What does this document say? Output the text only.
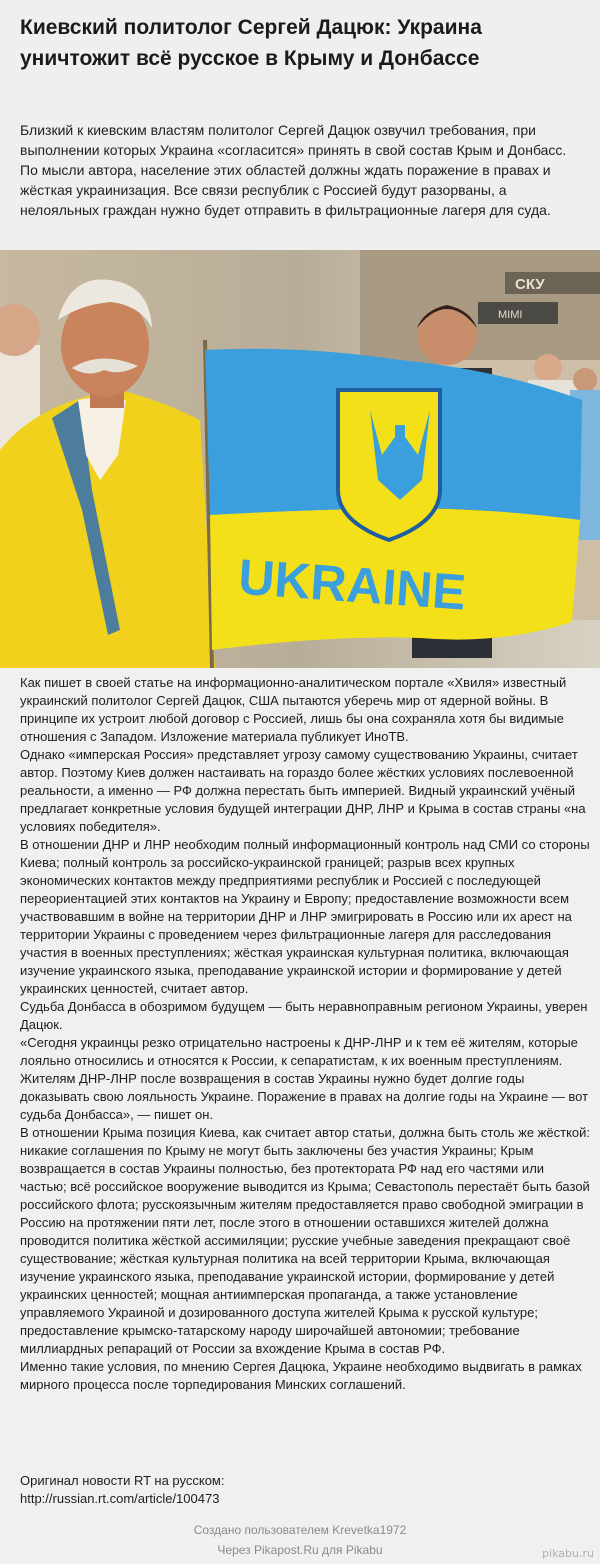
Киевский политолог Сергей Дацюк: Украина уничтожит всё русское в Крыму и Донбассе

Близкий к киевским властям политолог Сергей Дацюк озвучил требования, при выполнении которых Украина «согласится» принять в свой состав Крым и Донбасс. По мысли автора, население этих областей должны ждать поражение в правах и жёсткая украинизация. Все связи республик с Россией будут разорваны, а нелояльных граждан нужно будет отправить в фильтрационные лагеря для суда.

СКУ
MIMI
UKRAINE

Как пишет в своей статье на информационно-аналитическом портале «Хвиля» известный украинский политолог Сергей Дацюк, США пытаются уберечь мир от ядерной войны. В принципе их устроит любой договор с Россией, лишь бы она сохраняла хотя бы видимые отношения с Западом. Изложение материала публикует ИноТВ.

Однако «имперская Россия» представляет угрозу самому существованию Украины, считает автор. Поэтому Киев должен настаивать на гораздо более жёстких условиях послевоенной реальности, а именно — РФ должна перестать быть империей. Видный украинский учёный предлагает конкретные условия будущей интеграции ДНР, ЛНР и Крыма в состав страны «на условиях победителя».

В отношении ДНР и ЛНР необходим полный информационный контроль над СМИ со стороны Киева; полный контроль за российско-украинской границей; разрыв всех крупных экономических контактов между предприятиями республик и Россией с последующей переориентацией этих контактов на Украину и Европу; предоставление возможности всем участвовавшим в войне на территории ДНР и ЛНР эмигрировать в Россию или их арест на территории Украины с проведением через фильтрационные лагеря для расследования участия в военных преступлениях; жёсткая украинская культурная политика, включающая изучение украинского языка, преподавание украинской истории и формирование у детей украинских ценностей, считает автор.

Судьба Донбасса в обозримом будущем — быть неравноправным регионом Украины, уверен Дацюк.

«Сегодня украинцы резко отрицательно настроены к ДНР-ЛНР и к тем её жителям, которые лояльно относились и относятся к России, к сепаратистам, к их военным преступлениям. Жителям ДНР-ЛНР после возвращения в состав Украины нужно будет долгие годы доказывать свою лояльность Украине. Поражение в правах на долгие годы на Украине — вот судьба Донбасса», — пишет он.

В отношении Крыма позиция Киева, как считает автор статьи, должна быть столь же жёсткой: никакие соглашения по Крыму не могут быть заключены без участия Украины; Крым возвращается в состав Украины полностью, без протектората РФ над его частями или частью; всё российское вооружение выводится из Крыма; Севастополь перестаёт быть базой российского флота; русскоязычным жителям предоставляется право свободной эмиграции в Россию на протяжении пяти лет, после этого в отношении оставшихся жителей должна проводится политика жёсткой ассимиляции; русские учебные заведения прекращают своё существование; жёсткая культурная политика на всей территории Крыма, включающая изучение украинского языка, преподавание украинской истории, формирование у детей украинских ценностей; мощная антиимперская пропаганда, а также установление управляемого Украиной и дозированного доступа жителей Крыма к русской культуре; предоставление крымско-татарскому народу широчайшей автономии; требование миллиардных репараций от России за вхождение Крыма в состав РФ.

Именно такие условия, по мнению Сергея Дацюка, Украине необходимо выдвигать в рамках мирного процесса после торпедирования Минских соглашений.

Оригинал новости RT на русском:

http://russian.rt.com/article/100473

Создано пользователем Krevetka1972

Через Pikapost.Ru для Pikabu	pikabu.ru
